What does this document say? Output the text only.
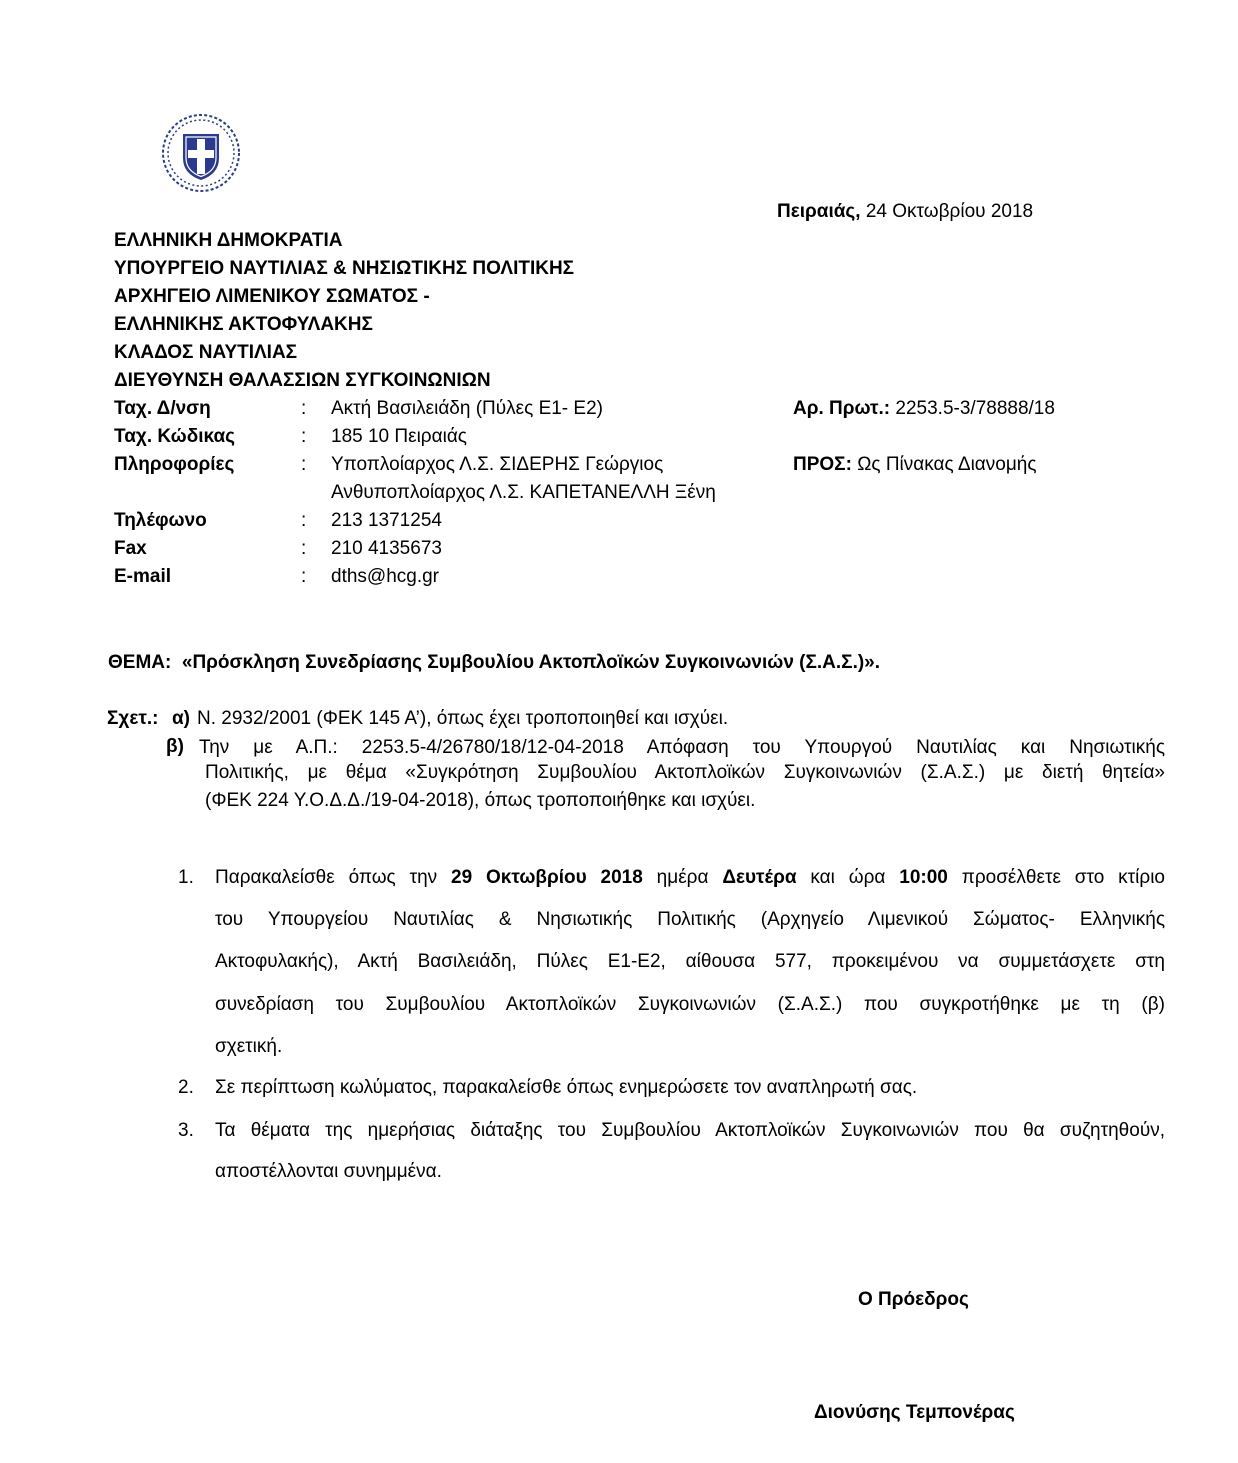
Πειραιάς, 24 Οκτωβρίου 2018
ΕΛΛΗΝΙΚΗ ΔΗΜΟΚΡΑΤΙΑ
ΥΠΟΥΡΓΕΙΟ ΝΑΥΤΙΛΙΑΣ & ΝΗΣΙΩΤΙΚΗΣ ΠΟΛΙΤΙΚΗΣ
ΑΡΧΗΓΕΙΟ ΛΙΜΕΝΙΚΟΥ ΣΩΜΑΤΟΣ -
ΕΛΛΗΝΙΚΗΣ ΑΚΤΟΦΥΛΑΚΗΣ
ΚΛΑΔΟΣ ΝΑΥΤΙΛΙΑΣ
ΔΙΕΥΘΥΝΣΗ ΘΑΛΑΣΣΙΩΝ ΣΥΓΚΟΙΝΩΝΙΩΝ
Ταχ. Δ/νση	: Ακτή Βασιλειάδη (Πύλες Ε1- Ε2)
Ταχ. Κώδικας	: 185 10 Πειραιάς
Πληροφορίες	: Υποπλοίαρχος Λ.Σ. ΣΙΔΕΡΗΣ Γεώργιος
Ανθυποπλοίαρχος Λ.Σ. ΚΑΠΕΤΑΝΕΛΛΗ Ξένη
Τηλέφωνο	: 213 1371254
Fax	: 210 4135673
E-mail	: dths@hcg.gr
Αρ. Πρωτ.: 2253.5-3/78888/18
ΠΡΟΣ: Ως Πίνακας Διανομής
ΘΕΜΑ: «Πρόσκληση Συνεδρίασης Συμβουλίου Ακτοπλοϊκών Συγκοινωνιών (Σ.Α.Σ.)».
Σχετ.: α) Ν. 2932/2001 (ΦΕΚ 145 Α’), όπως έχει τροποποιηθεί και ισχύει.
β) Την με Α.Π.: 2253.5-4/26780/18/12-04-2018 Απόφαση του Υπουργού Ναυτιλίας και Νησιωτικής
Πολιτικής, με θέμα «Συγκρότηση Συμβουλίου Ακτοπλοϊκών Συγκοινωνιών (Σ.Α.Σ.) με διετή θητεία»
(ΦΕΚ 224 Υ.Ο.Δ.Δ./19-04-2018), όπως τροποποιήθηκε και ισχύει.
1. Παρακαλείσθε όπως την 29 Οκτωβρίου 2018 ημέρα Δευτέρα και ώρα 10:00 προσέλθετε στο κτίριο
του Υπουργείου Ναυτιλίας & Νησιωτικής Πολιτικής (Αρχηγείο Λιμενικού Σώματος- Ελληνικής
Ακτοφυλακής), Ακτή Βασιλειάδη, Πύλες Ε1-Ε2, αίθουσα 577, προκειμένου να συμμετάσχετε στη
συνεδρίαση του Συμβουλίου Ακτοπλοϊκών Συγκοινωνιών (Σ.Α.Σ.) που συγκροτήθηκε με τη (β)
σχετική.
2. Σε περίπτωση κωλύματος, παρακαλείσθε όπως ενημερώσετε τον αναπληρωτή σας.
3. Τα θέματα της ημερήσιας διάταξης του Συμβουλίου Ακτοπλοϊκών Συγκοινωνιών που θα συζητηθούν,
αποστέλλονται συνημμένα.
Ο Πρόεδρος
Διονύσης Τεμπονέρας
